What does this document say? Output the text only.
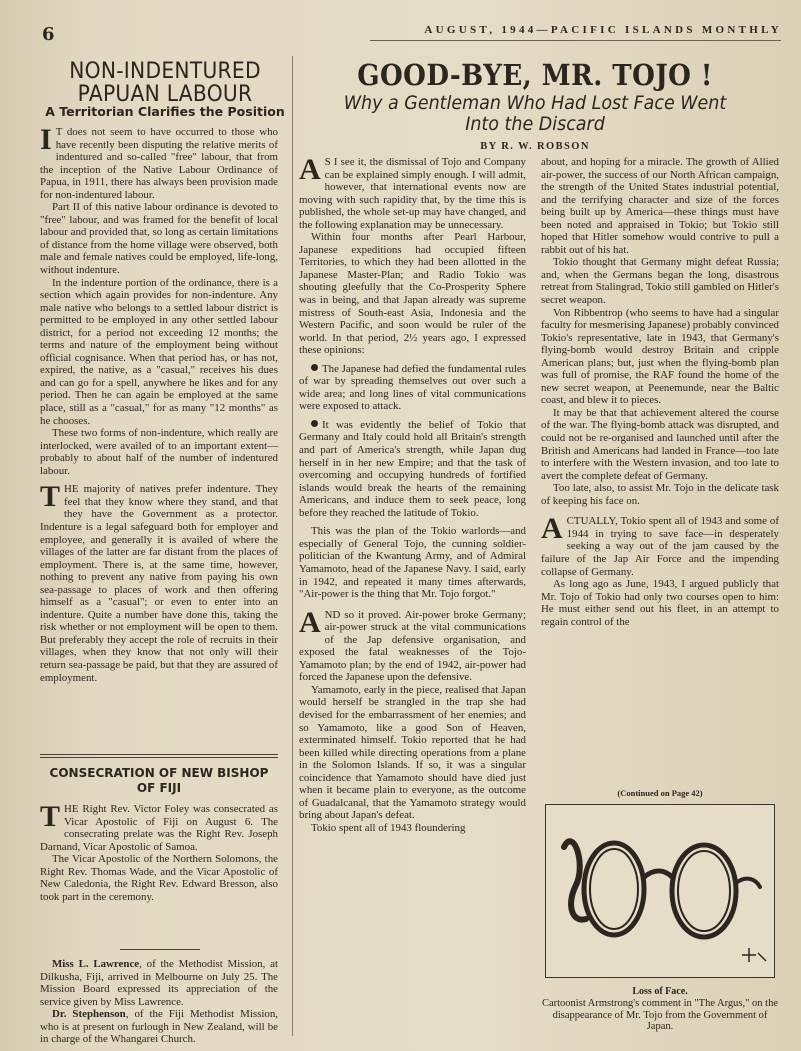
6	AUGUST, 1944—PACIFIC ISLANDS MONTHLY
NON-INDENTURED
PAPUAN LABOUR
A Territorian Clarifies the Position

I T does not seem to have occurred to those who have recently been disputing the relative merits of indentured and so-called "free" labour, that from the inception of the Native Labour Ordinance of Papua, in 1911, there has always been provision made for non-indentured labour.

Part II of this native labour ordinance is devoted to "free" labour, and was framed for the benefit of local labour and provided that, so long as certain limitations of distance from the home village were observed, both male and female natives could be employed, life-long, without indenture.

In the indenture portion of the ordinance, there is a section which again provides for non-indenture. Any male native who belongs to a settled labour district is permitted to be employed in any other settled labour district, for a period not exceeding 12 months; the terms and nature of the employment being without official cognisance. When that period has, or has not, expired, the native, as a "casual," receives his dues and can go for a spell, anywhere he likes and for any period. Then he can again be employed at the same place, still as a "casual," for as many "12 months" as he chooses.

These two forms of non-indenture, which really are interlocked, were availed of to an important extent—probably to about half of the number of indentured labour.

THE majority of natives prefer indenture. They feel that they know where they stand, and that they have the Government as a protector. Indenture is a legal safeguard both for employer and employee, and generally it is availed of where the villages of the latter are far distant from the places of employment. There is, at the same time, however, nothing to prevent any native from paying his own sea-passage to places of work and then offering himself as a "casual"; or even to enter into an indenture. Quite a number have done this, taking the risk whether or not employment will be open to them. But preferably they accept the role of recruits in their villages, when they know that not only will their return sea-passage be paid, but that they are assured of employment.

CONSECRATION OF NEW BISHOP OF FIJI

THE Right Rev. Victor Foley was consecrated as Vicar Apostolic of Fiji on August 6. The consecrating prelate was the Right Rev. Joseph Darnand, Vicar Apostolic of Samoa.

The Vicar Apostolic of the Northern Solomons, the Right Rev. Thomas Wade, and the Vicar Apostolic of New Caledonia, the Right Rev. Edward Bresson, also took part in the ceremony.

Miss L. Lawrence, of the Methodist Mission, at Dilkusha, Fiji, arrived in Melbourne on July 25. The Mission Board expressed its appreciation of the service given by Miss Lawrence.

Dr. Stephenson, of the Fiji Methodist Mission, who is at present on furlough in New Zealand, will be in charge of the Whangarei Church.

GOOD-BYE, MR. TOJO !
Why a Gentleman Who Had Lost Face Went
Into the Discard
BY R. W. ROBSON

A S I see it, the dismissal of Tojo and Company can be explained simply enough. I will admit, however, that international events now are moving with such rapidity that, by the time this is published, the whole set-up may have changed, and the following explanation may be unnecessary.

Within four months after Pearl Harbour, Japanese expeditions had occupied fifteen Territories, to which they had been allotted in the Japanese Master-Plan; and Radio Tokio was shouting gleefully that the Co-Prosperity Sphere was in being, and that Japan already was supreme mistress of South-east Asia, Indonesia and the Western Pacific, and soon would be ruler of the world. In that period, 2½ years ago, I expressed these opinions:

The Japanese had defied the fundamental rules of war by spreading themselves out over such a wide area; and long lines of vital communications were exposed to attack.

It was evidently the belief of Tokio that Germany and Italy could hold all Britain's strength and part of America's strength, while Japan dug herself in in her new Empire; and that the task of overcoming and occupying hundreds of fortified islands would break the hearts of the remaining Americans, and induce them to seek peace, long before they reached the latitude of Tokio.

This was the plan of the Tokio warlords—and especially of General Tojo, the cunning soldier-politician of the Kwantung Army, and of Admiral Yamamoto, head of the Japanese Navy. I said, early in 1942, and repeated it many times afterwards, "Air-power is the thing that Mr. Tojo forgot."

AND so it proved. Air-power broke Germany; air-power struck at the vital communications of the Jap defensive organisation, and exposed the fatal weaknesses of the Tojo-Yamamoto plan; by the end of 1942, air-power had forced the Japanese upon the defensive.

Yamamoto, early in the piece, realised that Japan would herself be strangled in the trap she had devised for the embarrassment of her enemies; and so Yamamoto, like a good Son of Heaven, exterminated himself. Tokio reported that he had been killed while directing operations from a plane in the Solomon Islands. If so, it was a singular coincidence that Yamamoto should have died just when it became plain to everyone, as the outcome of Guadalcanal, that the Yamamoto strategy would bring about Japan's defeat.

Tokio spent all of 1943 floundering

about, and hoping for a miracle. The growth of Allied air-power, the success of our North African campaign, the strength of the United States industrial potential, and the terrifying character and size of the forces being built up by America—these things must have been noted and appraised in Tokio; but Tokio still hoped that Hitler somehow would contrive to pull a rabbit out of his hat.

Tokio thought that Germany might defeat Russia; and, when the Germans began the long, disastrous retreat from Stalingrad, Tokio still gambled on Hitler's secret weapon.

Von Ribbentrop (who seems to have had a singular faculty for mesmerising Japanese) probably convinced Tokio's representative, late in 1943, that Germany's flying-bomb would destroy Britain and cripple American plans; but, just when the flying-bomb plan was full of promise, the RAF found the home of the new secret weapon, at Peenemunde, near the Baltic coast, and blew it to pieces.

It may be that that achievement altered the course of the war. The flying-bomb attack was disrupted, and could not be re-organised and launched until after the British and Americans had landed in France—too late to interfere with the Western invasion, and too late to avert the complete defeat of Germany.

Too late, also, to assist Mr. Tojo in the delicate task of keeping his face on.

ACTUALLY, Tokio spent all of 1943 and some of 1944 in trying to save face—in desperately seeking a way out of the jam caused by the failure of the Jap Air Force and the impending collapse of Germany.

As long ago as June, 1943, I argued publicly that Mr. Tojo of Tokio had only two courses open to him: He must either send out his fleet, in an attempt to regain control of the

(Continued on Page 42)
Loss of Face.
Cartoonist Armstrong's comment in "The Argus," on the disappearance of Mr. Tojo from the Government of Japan.
